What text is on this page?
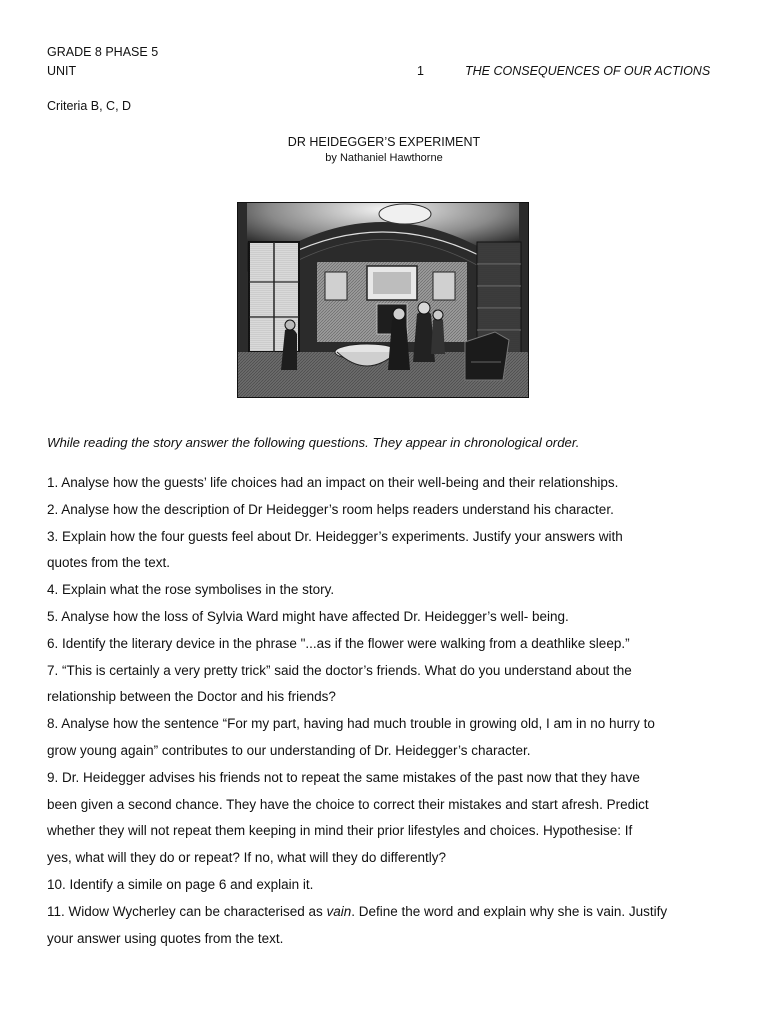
GRADE 8 PHASE 5
UNIT	1	THE CONSEQUENCES OF OUR ACTIONS
Criteria B, C, D
DR HEIDEGGER’S EXPERIMENT
by Nathaniel Hawthorne
While reading the story answer the following questions. They appear in chronological order.
1. Analyse how the guests’ life choices had an impact on their well-being and their relationships.
2. Analyse how the description of Dr Heidegger’s room helps readers understand his character.
3. Explain how the four guests feel about Dr. Heidegger’s experiments. Justify your answers with
quotes from the text.
4. Explain what the rose symbolises in the story.
5. Analyse how the loss of Sylvia Ward might have affected Dr. Heidegger’s well- being.
6. Identify the literary device in the phrase "...as if the flower were walking from a deathlike sleep.”
7. “This is certainly a very pretty trick” said the doctor’s friends. What do you understand about the
relationship between the Doctor and his friends?
8. Analyse how the sentence “For my part, having had much trouble in growing old, I am in no hurry to
grow young again” contributes to our understanding of Dr. Heidegger’s character.
9. Dr. Heidegger advises his friends not to repeat the same mistakes of the past now that they have
been given a second chance. They have the choice to correct their mistakes and start afresh. Predict
whether they will not repeat them keeping in mind their prior lifestyles and choices. Hypothesise: If
yes, what will they do or repeat? If no, what will they do differently?
10. Identify a simile on page 6 and explain it.
11. Widow Wycherley can be characterised as vain. Define the word and explain why she is vain. Justify
your answer using quotes from the text.
